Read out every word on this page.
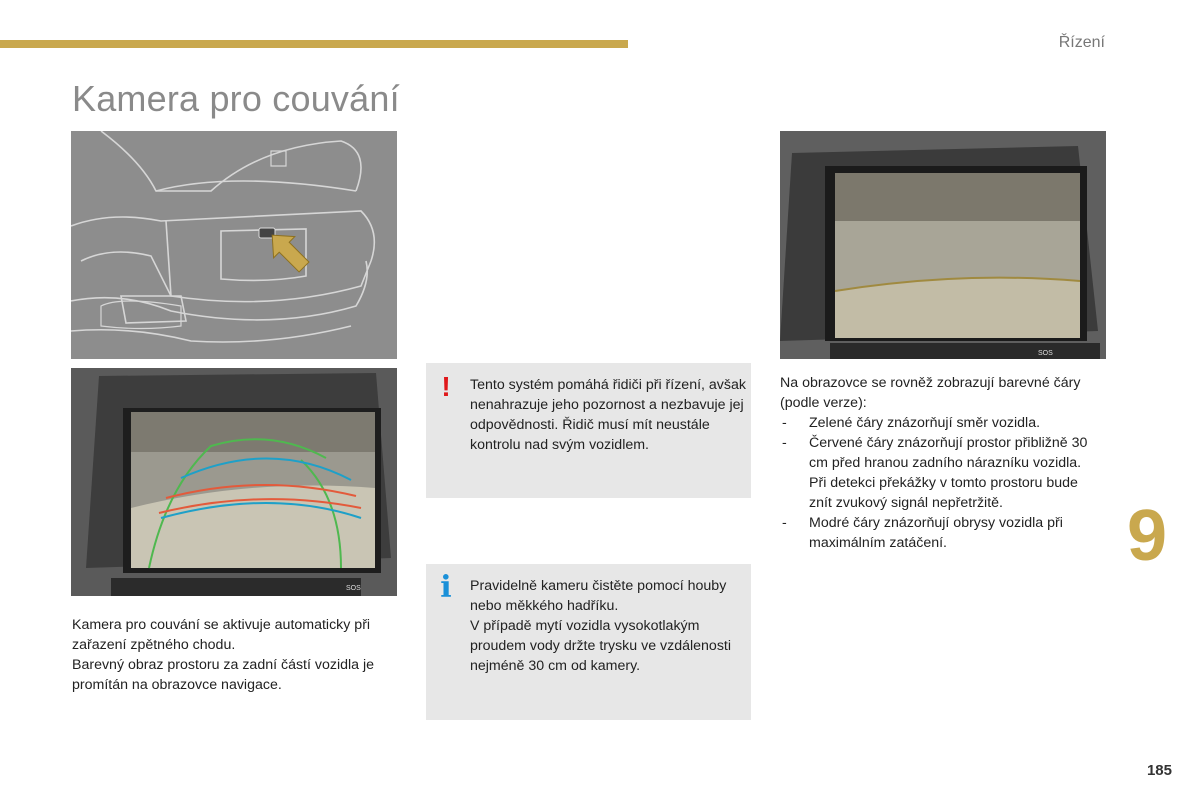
Řízení
Kamera pro couvání
SOS
SOS

Kamera pro couvání se aktivuje automaticky při zařazení zpětného chodu.

Barevný obraz prostoru za zadní částí vozidla je promítán na obrazovce navigace.

! Tento systém pomáhá řidiči při řízení, avšak nenahrazuje jeho pozornost a nezbavuje jej odpovědnosti. Řidič musí mít neustále kontrolu nad svým vozidlem.
i Pravidelně kameru čistěte pomocí houby nebo měkkého hadříku.
V případě mytí vozidla vysokotlakým proudem vody držte trysku ve vzdálenosti nejméně 30 cm od kamery.

Na obrazovce se rovněž zobrazují barevné čáry (podle verze):

- Zelené čáry znázorňují směr vozidla.
- Červené čáry znázorňují prostor přibližně 30 cm před hranou zadního nárazníku vozidla. Při detekci překážky v tomto prostoru bude znít zvukový signál nepřetržitě.
- Modré čáry znázorňují obrysy vozidla při maximálním zatáčení.	9
185
